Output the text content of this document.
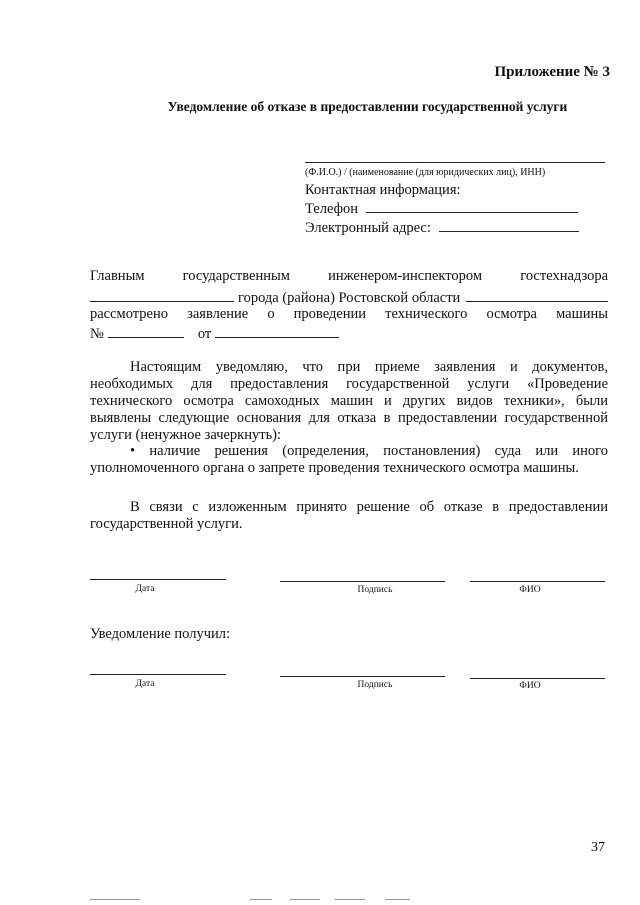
Приложение № 3
Уведомление об отказе в предоставлении государственной услуги
(Ф.И.О.) / (наименование (для юридических лиц), ИНН)
Контактная информация:
Телефон
Электронный адрес:
Главным	государственным	инженером-инспектором	гостехнадзора
города (района) Ростовской области
рассмотрено заявление о проведении технического осмотра машины
№	от

Настоящим уведомляю, что при приеме заявления и документов, необходимых для предоставления государственной услуги «Проведение технического осмотра самоходных машин и других видов техники», были выявлены следующие основания для отказа в предоставлении государственной услуги (ненужное зачеркнуть):

• наличие решения (определения, постановления) суда или иного уполномоченного органа о запрете проведения технического осмотра машины.

В связи с изложенным принято решение об отказе в предоставлении государственной услуги.

Дата	Подпись	ФИО
Уведомление получил:
Дата	Подпись	ФИО
37
